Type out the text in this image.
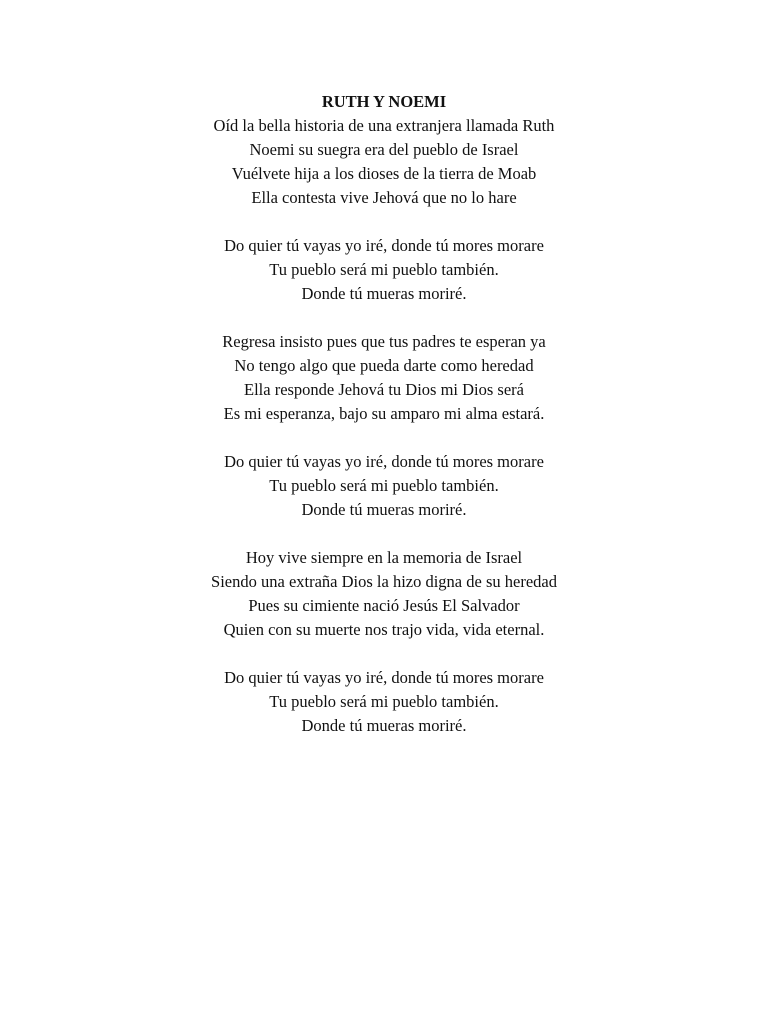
RUTH Y NOEMI
Oíd la bella historia de una extranjera llamada Ruth
Noemi su suegra era del pueblo de Israel
Vuélvete hija a los dioses de la tierra de Moab
Ella contesta vive Jehová que no lo hare
Do quier tú vayas yo iré, donde tú mores morare
Tu pueblo será mi pueblo también.
Donde tú mueras moriré.
Regresa insisto pues que tus padres te esperan ya
No tengo algo que pueda darte como heredad
Ella responde Jehová tu Dios mi Dios será
Es mi esperanza, bajo su amparo mi alma estará.
Do quier tú vayas yo iré, donde tú mores morare
Tu pueblo será mi pueblo también.
Donde tú mueras moriré.
Hoy vive siempre en la memoria de Israel
Siendo una extraña Dios la hizo digna de su heredad
Pues su cimiente nació Jesús El Salvador
Quien con su muerte nos trajo vida, vida eternal.
Do quier tú vayas yo iré, donde tú mores morare
Tu pueblo será mi pueblo también.
Donde tú mueras moriré.
